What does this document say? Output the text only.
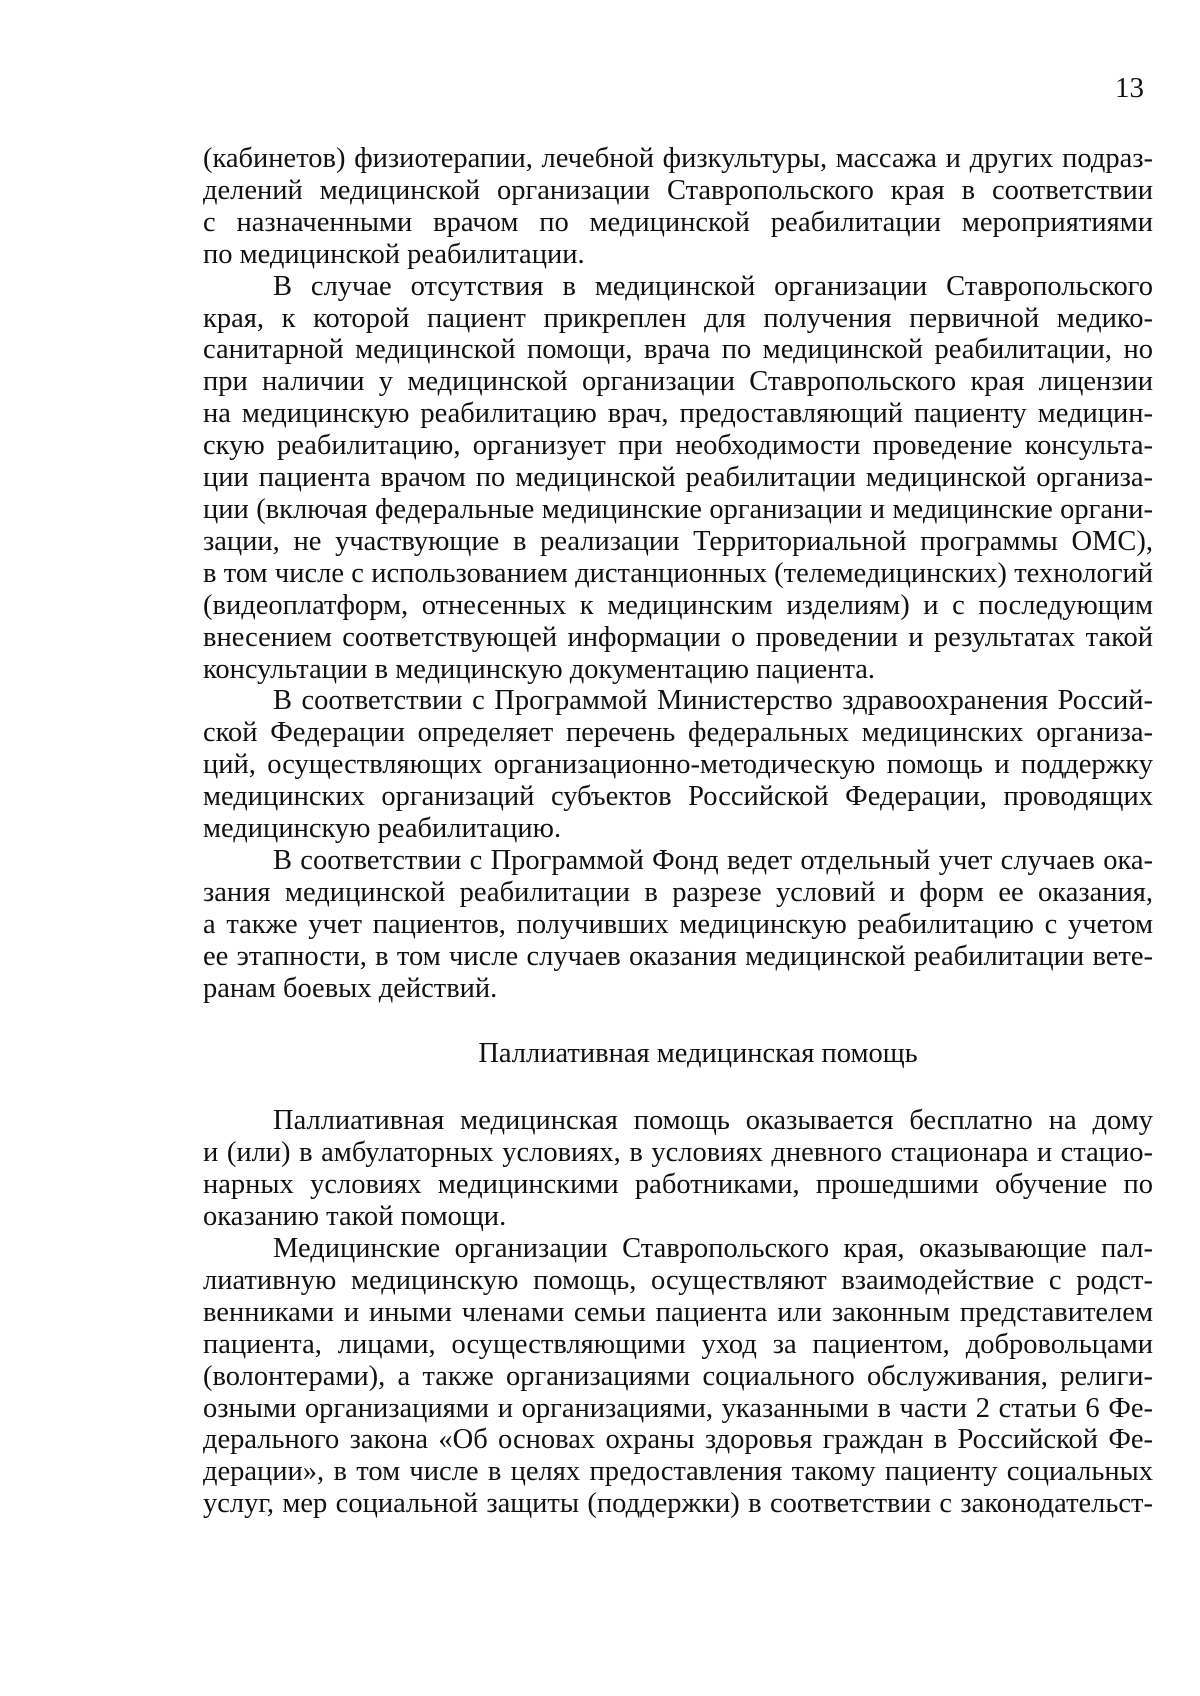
13
(кабинетов) физиотерапии, лечебной физкультуры, массажа и других подраз-
делений медицинской организации Ставропольского края в соответствии
с назначенными врачом по медицинской реабилитации мероприятиями
по медицинской реабилитации.
В случае отсутствия в медицинской организации Ставропольского
края, к которой пациент прикреплен для получения первичной медико-
санитарной медицинской помощи, врача по медицинской реабилитации, но
при наличии у медицинской организации Ставропольского края лицензии
на медицинскую реабилитацию врач, предоставляющий пациенту медицин-
скую реабилитацию, организует при необходимости проведение консульта-
ции пациента врачом по медицинской реабилитации медицинской организа-
ции (включая федеральные медицинские организации и медицинские органи-
зации, не участвующие в реализации Территориальной программы ОМС),
в том числе с использованием дистанционных (телемедицинских) технологий
(видеоплатформ, отнесенных к медицинским изделиям) и с последующим
внесением соответствующей информации о проведении и результатах такой
консультации в медицинскую документацию пациента.
В соответствии с Программой Министерство здравоохранения Россий-
ской Федерации определяет перечень федеральных медицинских организа-
ций, осуществляющих организационно-методическую помощь и поддержку
медицинских организаций субъектов Российской Федерации, проводящих
медицинскую реабилитацию.
В соответствии с Программой Фонд ведет отдельный учет случаев ока-
зания медицинской реабилитации в разрезе условий и форм ее оказания,
а также учет пациентов, получивших медицинскую реабилитацию с учетом
ее этапности, в том числе случаев оказания медицинской реабилитации вете-
ранам боевых действий.
Паллиативная медицинская помощь
Паллиативная медицинская помощь оказывается бесплатно на дому
и (или) в амбулаторных условиях, в условиях дневного стационара и стацио-
нарных условиях медицинскими работниками, прошедшими обучение по
оказанию такой помощи.
Медицинские организации Ставропольского края, оказывающие пал-
лиативную медицинскую помощь, осуществляют взаимодействие с родст-
венниками и иными членами семьи пациента или законным представителем
пациента, лицами, осуществляющими уход за пациентом, добровольцами
(волонтерами), а также организациями социального обслуживания, религи-
озными организациями и организациями, указанными в части 2 статьи 6 Фе-
дерального закона «Об основах охраны здоровья граждан в Российской Фе-
дерации», в том числе в целях предоставления такому пациенту социальных
услуг, мер социальной защиты (поддержки) в соответствии с законодательст-
